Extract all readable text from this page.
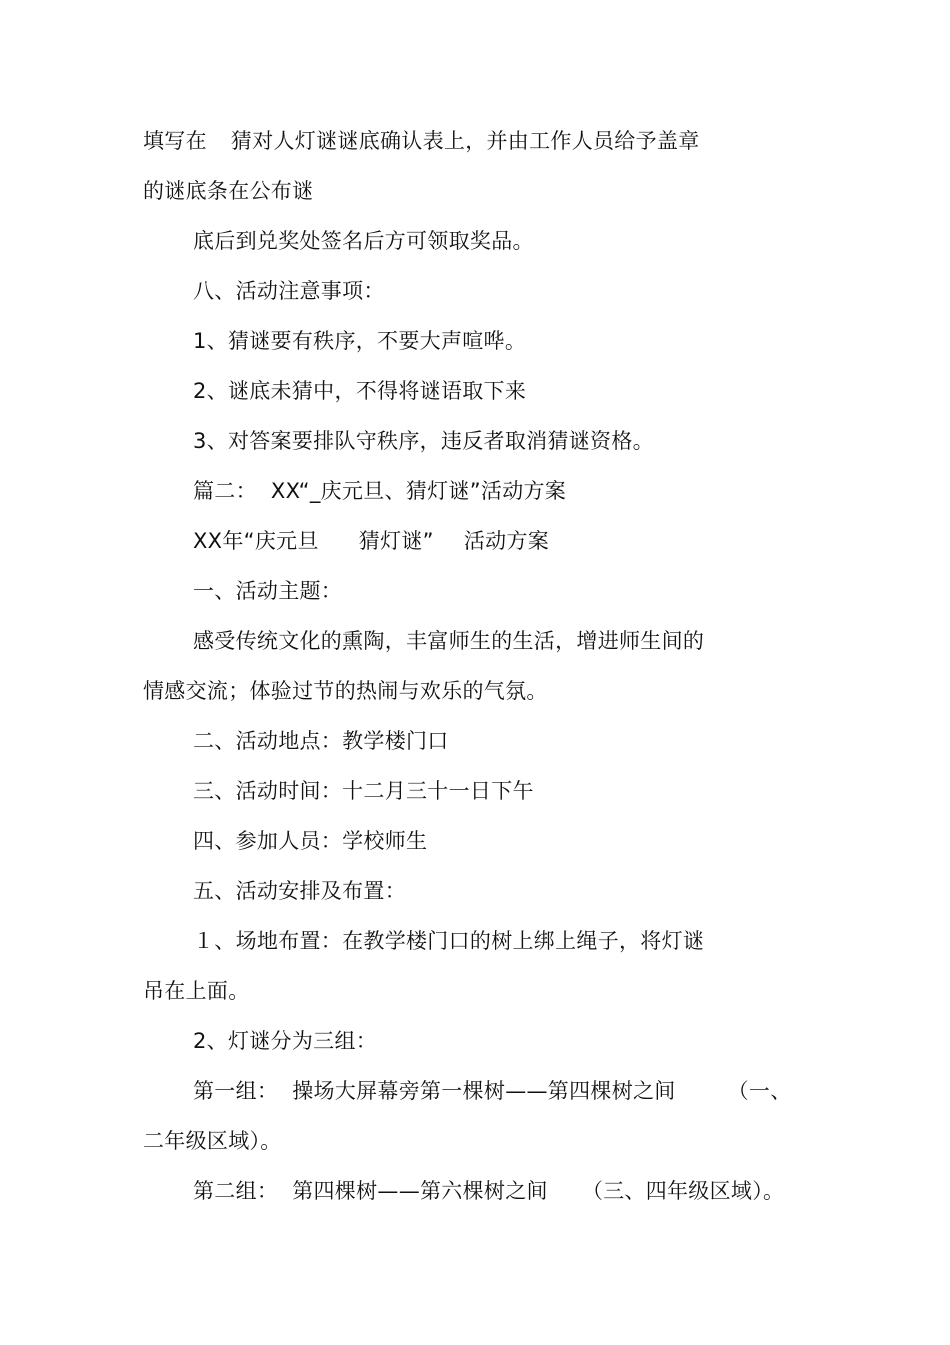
填写在 猜对人灯谜谜底确认表上，并由工作人员给予盖章
的谜底条在公布谜
底后到兑奖处签名后方可领取奖品。
八、活动注意事项：
1、猜谜要有秩序，不要大声喧哗。
2、谜底未猜中，不得将谜语取下来
3、对答案要排队守秩序，违反者取消猜谜资格。
篇二： XX“_庆元旦、猜灯谜”活动方案
XX年“庆元旦 猜灯谜” 活动方案
一、活动主题：
感受传统文化的熏陶，丰富师生的生活，增进师生间的
情感交流；体验过节的热闹与欢乐的气氛。
二、活动地点：教学楼门口
三、活动时间：十二月三十一日下午
四、参加人员：学校师生
五、活动安排及布置：
１、场地布置：在教学楼门口的树上绑上绳子，将灯谜
吊在上面。
2、灯谜分为三组：
第一组： 操场大屏幕旁第一棵树——第四棵树之间 （一、
二年级区域）。
第二组： 第四棵树——第六棵树之间 （三、四年级区域）。
